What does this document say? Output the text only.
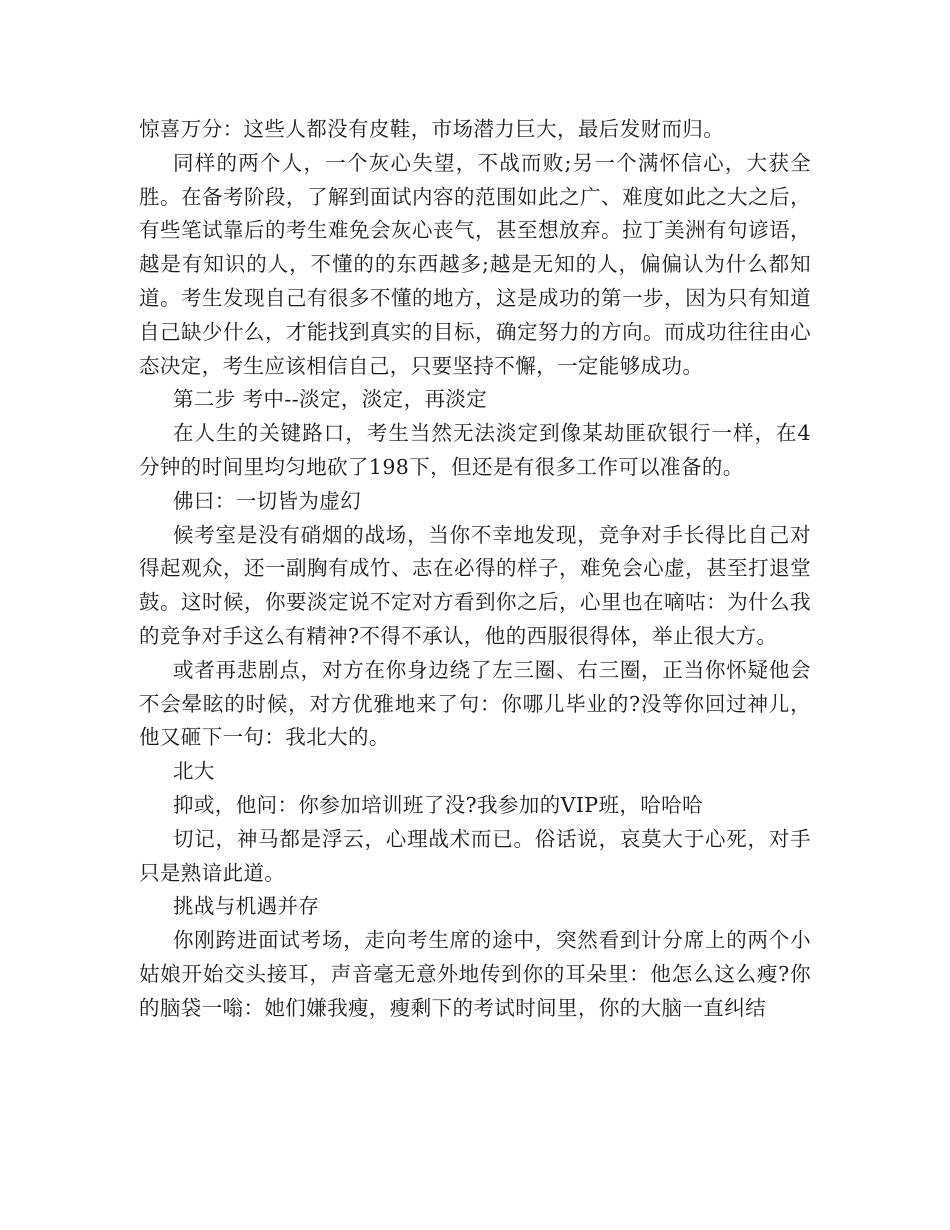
惊喜万分：这些人都没有皮鞋，市场潜力巨大，最后发财而归。

同样的两个人，一个灰心失望，不战而败;另一个满怀信心，大获全胜。在备考阶段，了解到面试内容的范围如此之广、难度如此之大之后，有些笔试靠后的考生难免会灰心丧气，甚至想放弃。拉丁美洲有句谚语，越是有知识的人，不懂的的东西越多;越是无知的人，偏偏认为什么都知道。考生发现自己有很多不懂的地方，这是成功的第一步，因为只有知道自己缺少什么，才能找到真实的目标，确定努力的方向。而成功往往由心态决定，考生应该相信自己，只要坚持不懈，一定能够成功。

第二步 考中--淡定，淡定，再淡定

在人生的关键路口，考生当然无法淡定到像某劫匪砍银行一样，在4分钟的时间里均匀地砍了198下，但还是有很多工作可以准备的。

佛曰：一切皆为虚幻

候考室是没有硝烟的战场，当你不幸地发现，竞争对手长得比自己对得起观众，还一副胸有成竹、志在必得的样子，难免会心虚，甚至打退堂鼓。这时候，你要淡定说不定对方看到你之后，心里也在嘀咕：为什么我的竞争对手这么有精神?不得不承认，他的西服很得体，举止很大方。

或者再悲剧点，对方在你身边绕了左三圈、右三圈，正当你怀疑他会不会晕眩的时候，对方优雅地来了句：你哪儿毕业的?没等你回过神儿，他又砸下一句：我北大的。

北大

抑或，他问：你参加培训班了没?我参加的VIP班，哈哈哈

切记，神马都是浮云，心理战术而已。俗话说，哀莫大于心死，对手只是熟谙此道。

挑战与机遇并存

你刚跨进面试考场，走向考生席的途中，突然看到计分席上的两个小姑娘开始交头接耳，声音毫无意外地传到你的耳朵里：他怎么这么瘦?你的脑袋一嗡：她们嫌我瘦，瘦剩下的考试时间里，你的大脑一直纠结
